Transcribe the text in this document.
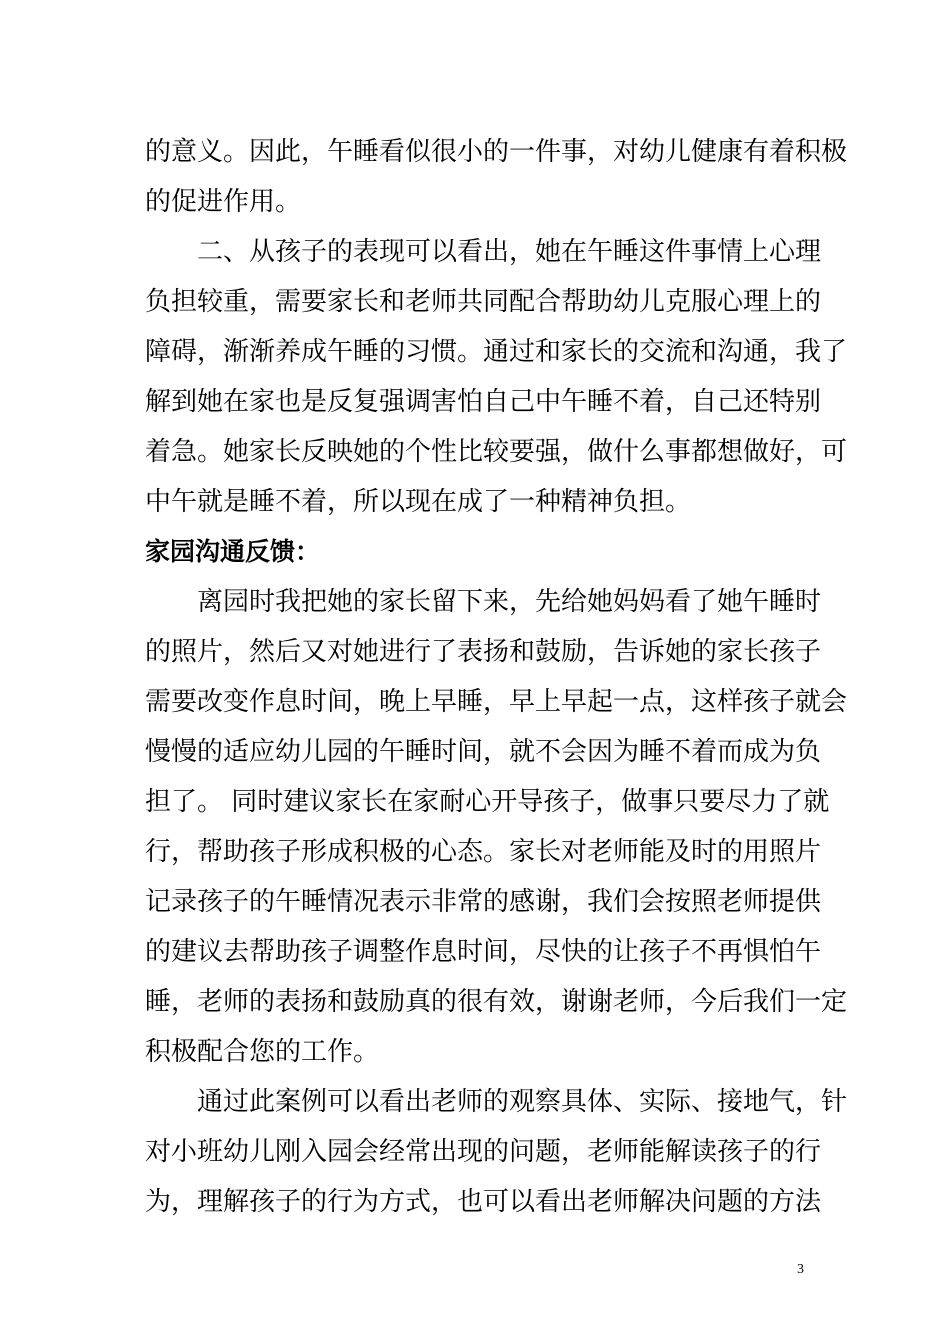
的意义。因此，午睡看似很小的一件事，对幼儿健康有着积极
的促进作用。
二、从孩子的表现可以看出，她在午睡这件事情上心理
负担较重，需要家长和老师共同配合帮助幼儿克服心理上的
障碍，渐渐养成午睡的习惯。通过和家长的交流和沟通，我了
解到她在家也是反复强调害怕自己中午睡不着，自己还特别
着急。她家长反映她的个性比较要强，做什么事都想做好，可
中午就是睡不着，所以现在成了一种精神负担。
家园沟通反馈：
离园时我把她的家长留下来，先给她妈妈看了她午睡时
的照片，然后又对她进行了表扬和鼓励，告诉她的家长孩子
需要改变作息时间，晚上早睡，早上早起一点，这样孩子就会
慢慢的适应幼儿园的午睡时间，就不会因为睡不着而成为负
担了。 同时建议家长在家耐心开导孩子，做事只要尽力了就
行，帮助孩子形成积极的心态。家长对老师能及时的用照片
记录孩子的午睡情况表示非常的感谢，我们会按照老师提供
的建议去帮助孩子调整作息时间，尽快的让孩子不再惧怕午
睡，老师的表扬和鼓励真的很有效，谢谢老师，今后我们一定
积极配合您的工作。
通过此案例可以看出老师的观察具体、实际、接地气，针
对小班幼儿刚入园会经常出现的问题，老师能解读孩子的行
为，理解孩子的行为方式，也可以看出老师解决问题的方法
3
